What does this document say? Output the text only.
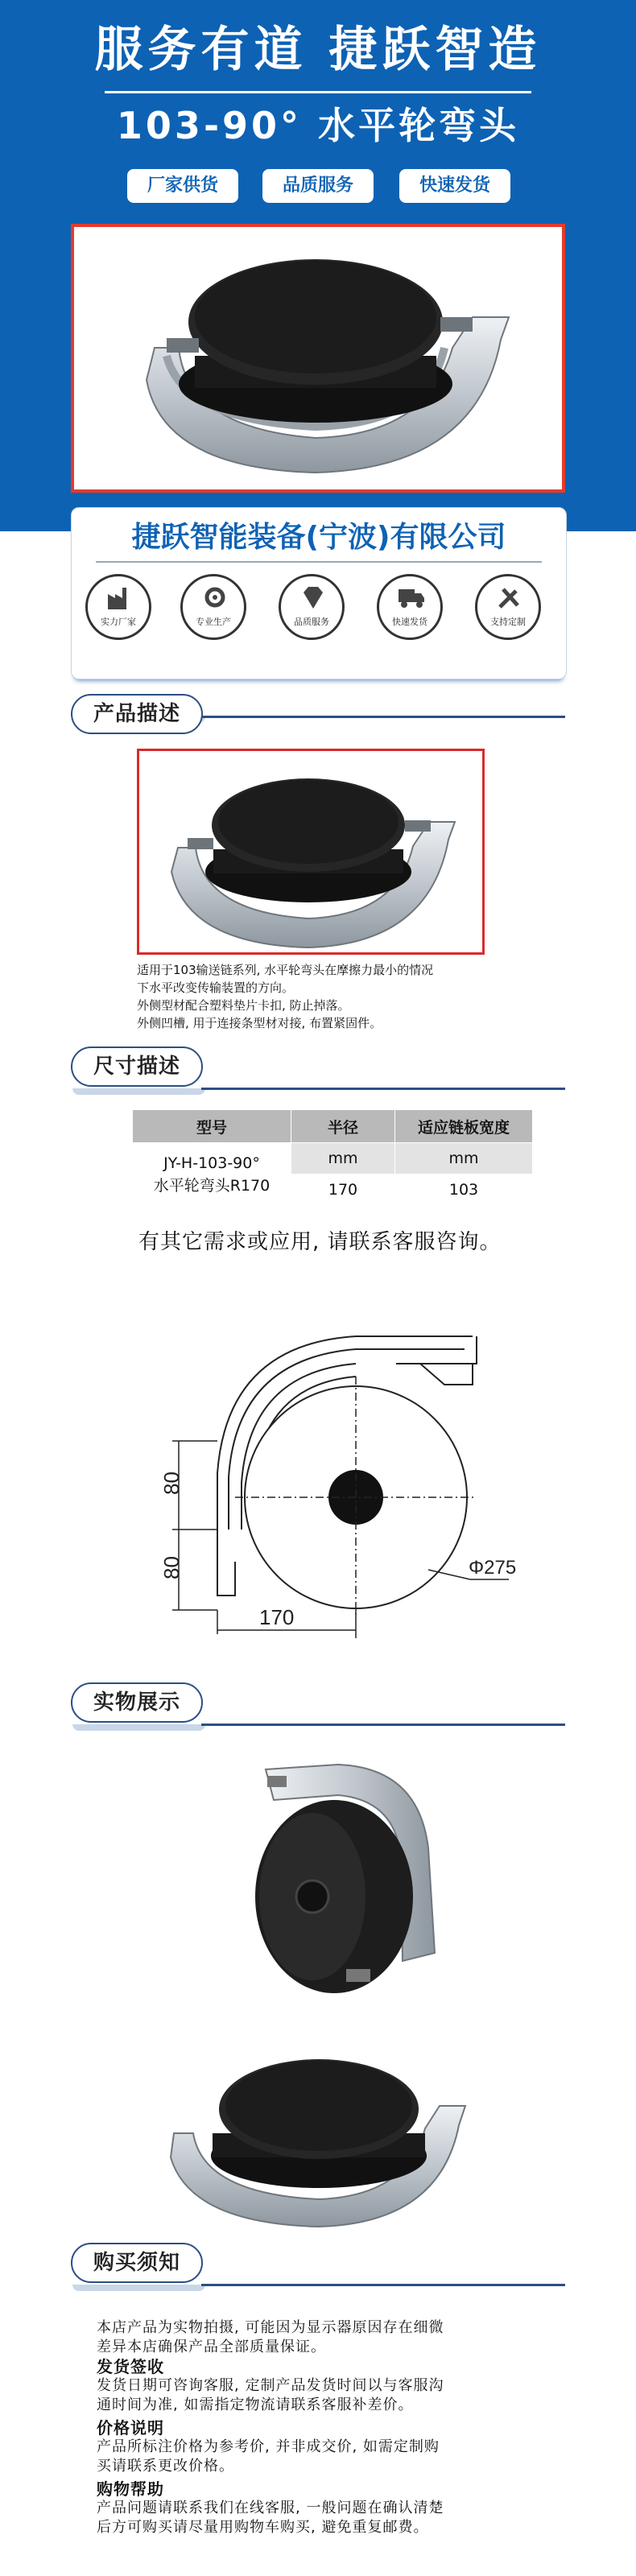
服务有道 捷跃智造
103-90° 水平轮弯头
厂家供货	品质服务	快速发货
捷跃智能装备(宁波)有限公司
实力厂家	专业生产	品质服务	快速发货	支持定制
产品描述
适用于103输送链系列, 水平轮弯头在摩擦力最小的情况
下水平改变传输装置的方向。
外侧型材配合塑料垫片卡扣, 防止掉落。
外侧凹槽, 用于连接条型材对接, 布置紧固件。
尺寸描述
型号	半径	适应链板宽度

JY-H-103-90°
水平轮弯头R170	mm	mm
	170	103
有其它需求或应用, 请联系客服咨询。
80
80
170
Φ275
实物展示
购买须知
本店产品为实物拍摄, 可能因为显示器原因存在细微
差异本店确保产品全部质量保证。
发货签收
发货日期可咨询客服, 定制产品发货时间以与客服沟
通时间为准, 如需指定物流请联系客服补差价。
价格说明
产品所标注价格为参考价, 并非成交价, 如需定制购
买请联系更改价格。
购物帮助
产品问题请联系我们在线客服, 一般问题在确认清楚
后方可购买请尽量用购物车购买, 避免重复邮费。
